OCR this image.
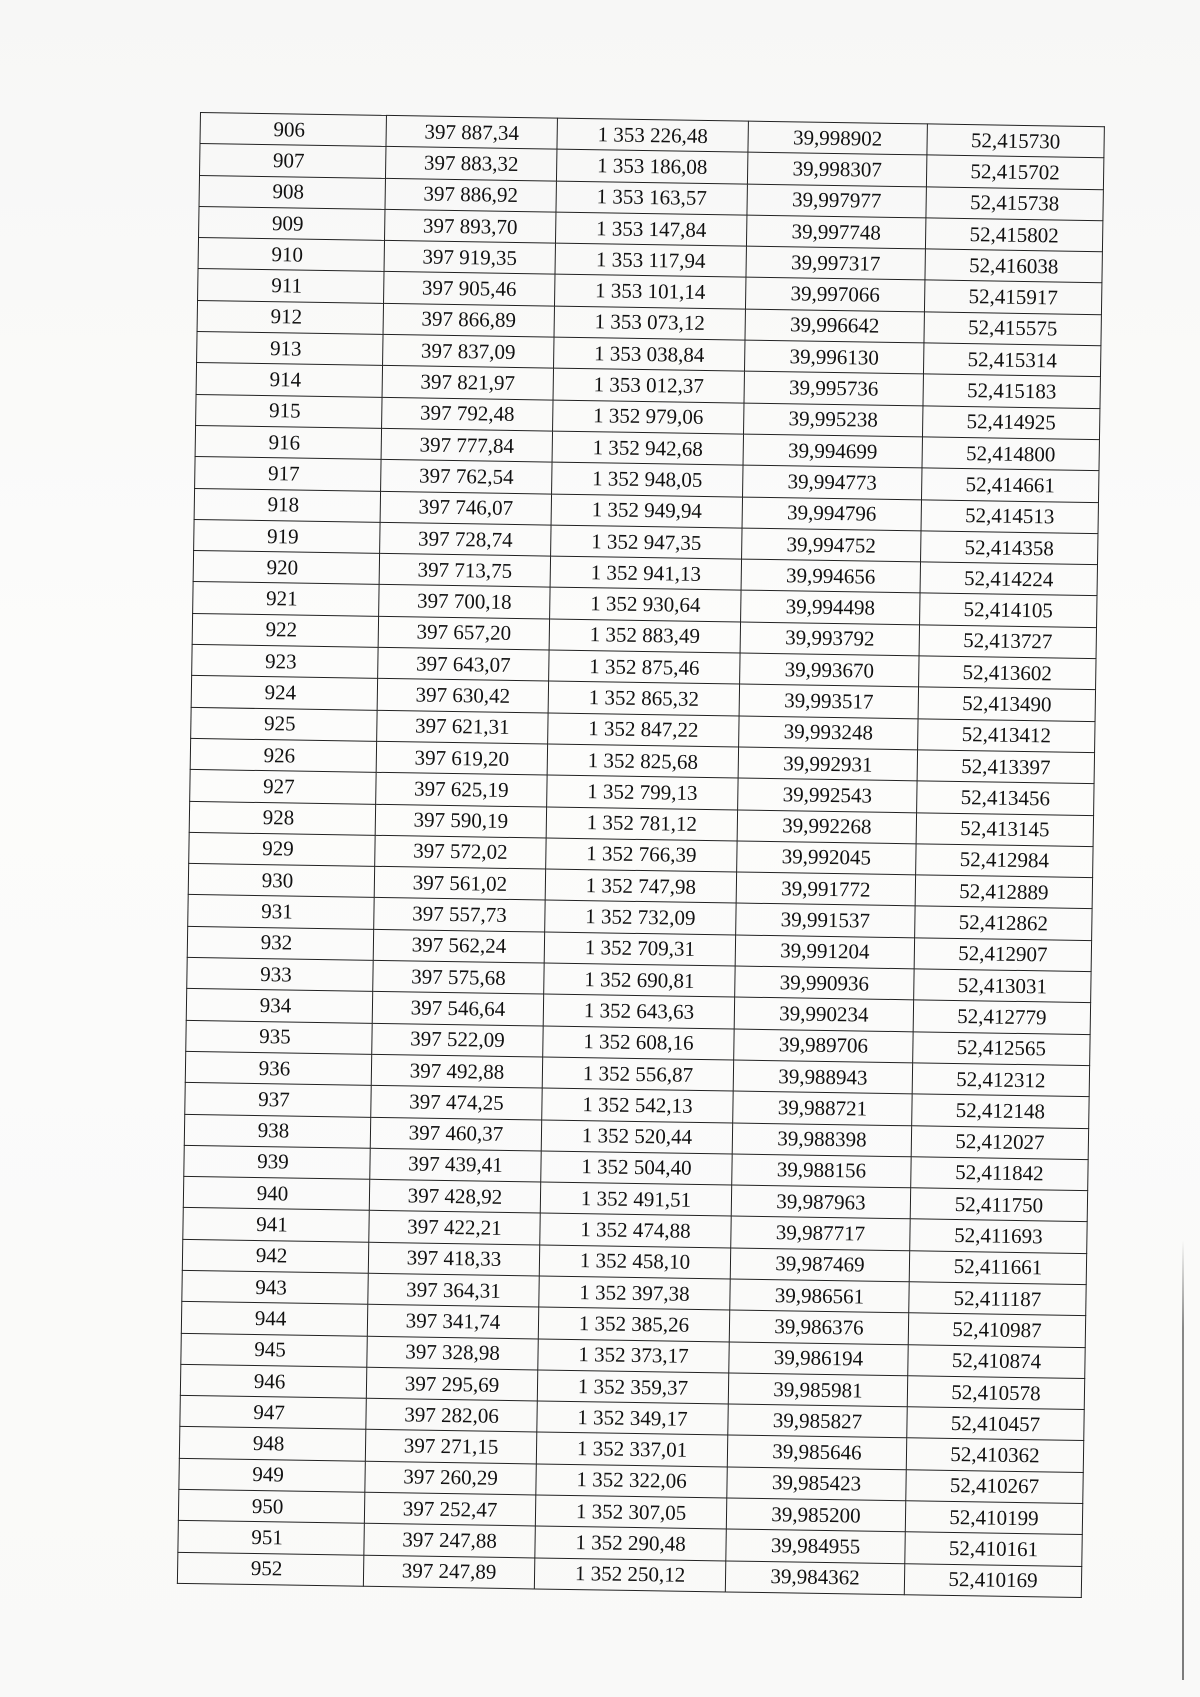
906	397 887,34	1 353 226,48	39,998902	52,415730
907	397 883,32	1 353 186,08	39,998307	52,415702
908	397 886,92	1 353 163,57	39,997977	52,415738
909	397 893,70	1 353 147,84	39,997748	52,415802
910	397 919,35	1 353 117,94	39,997317	52,416038
911	397 905,46	1 353 101,14	39,997066	52,415917
912	397 866,89	1 353 073,12	39,996642	52,415575
913	397 837,09	1 353 038,84	39,996130	52,415314
914	397 821,97	1 353 012,37	39,995736	52,415183
915	397 792,48	1 352 979,06	39,995238	52,414925
916	397 777,84	1 352 942,68	39,994699	52,414800
917	397 762,54	1 352 948,05	39,994773	52,414661
918	397 746,07	1 352 949,94	39,994796	52,414513
919	397 728,74	1 352 947,35	39,994752	52,414358
920	397 713,75	1 352 941,13	39,994656	52,414224
921	397 700,18	1 352 930,64	39,994498	52,414105
922	397 657,20	1 352 883,49	39,993792	52,413727
923	397 643,07	1 352 875,46	39,993670	52,413602
924	397 630,42	1 352 865,32	39,993517	52,413490
925	397 621,31	1 352 847,22	39,993248	52,413412
926	397 619,20	1 352 825,68	39,992931	52,413397
927	397 625,19	1 352 799,13	39,992543	52,413456
928	397 590,19	1 352 781,12	39,992268	52,413145
929	397 572,02	1 352 766,39	39,992045	52,412984
930	397 561,02	1 352 747,98	39,991772	52,412889
931	397 557,73	1 352 732,09	39,991537	52,412862
932	397 562,24	1 352 709,31	39,991204	52,412907
933	397 575,68	1 352 690,81	39,990936	52,413031
934	397 546,64	1 352 643,63	39,990234	52,412779
935	397 522,09	1 352 608,16	39,989706	52,412565
936	397 492,88	1 352 556,87	39,988943	52,412312
937	397 474,25	1 352 542,13	39,988721	52,412148
938	397 460,37	1 352 520,44	39,988398	52,412027
939	397 439,41	1 352 504,40	39,988156	52,411842
940	397 428,92	1 352 491,51	39,987963	52,411750
941	397 422,21	1 352 474,88	39,987717	52,411693
942	397 418,33	1 352 458,10	39,987469	52,411661
943	397 364,31	1 352 397,38	39,986561	52,411187
944	397 341,74	1 352 385,26	39,986376	52,410987
945	397 328,98	1 352 373,17	39,986194	52,410874
946	397 295,69	1 352 359,37	39,985981	52,410578
947	397 282,06	1 352 349,17	39,985827	52,410457
948	397 271,15	1 352 337,01	39,985646	52,410362
949	397 260,29	1 352 322,06	39,985423	52,410267
950	397 252,47	1 352 307,05	39,985200	52,410199
951	397 247,88	1 352 290,48	39,984955	52,410161
952	397 247,89	1 352 250,12	39,984362	52,410169
